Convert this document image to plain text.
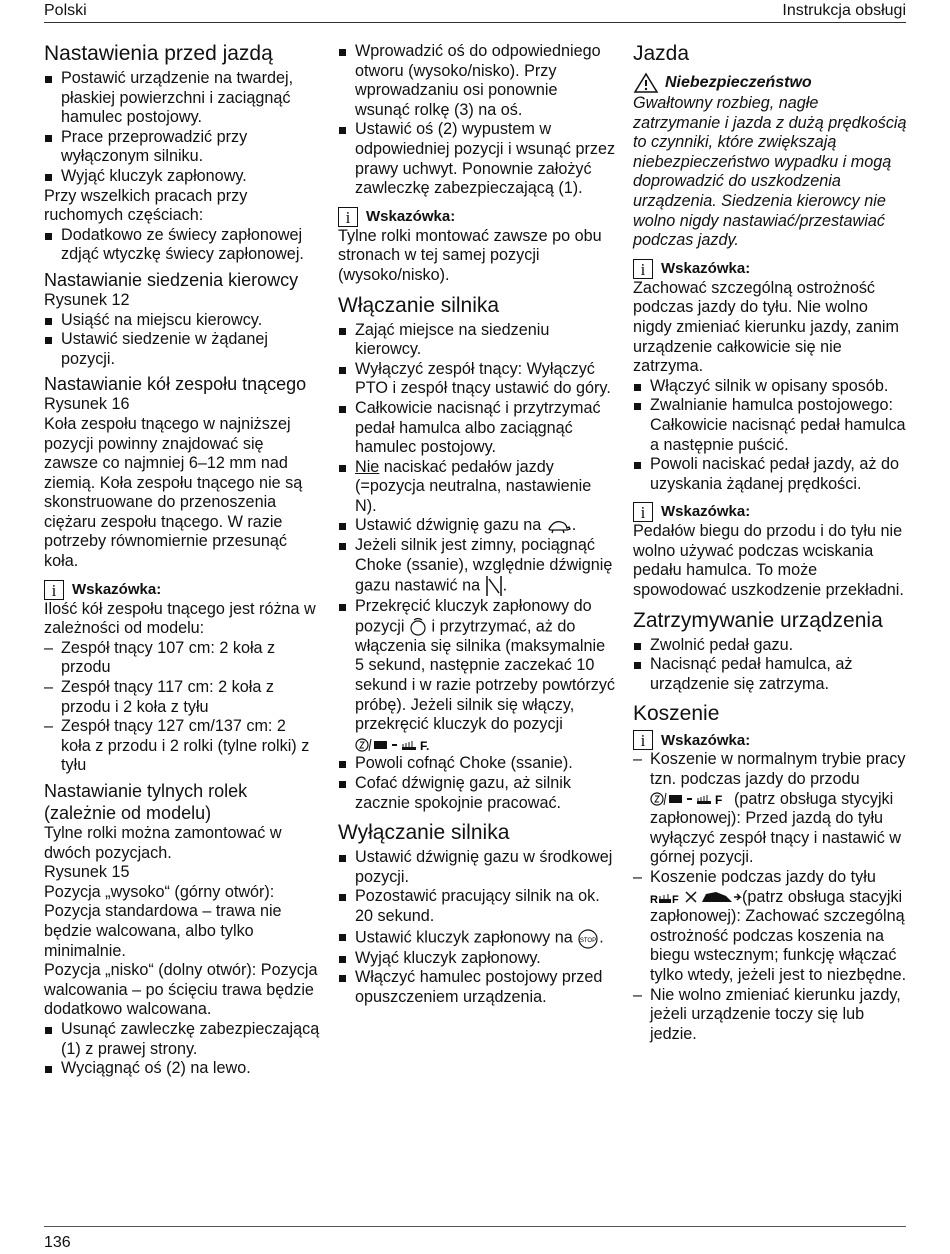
Polski	Instrukcja obsługi
Nastawienia przed jazdą

Postawić urządzenie na twardej, płaskiej powierzchni i zaciągnąć hamulec postojowy.

Prace przeprowadzić przy wyłączonym silniku.

Wyjąć kluczyk zapłonowy.

Przy wszelkich pracach przy ruchomych częściach:

Dodatkowo ze świecy zapłonowej zdjąć wtyczkę świecy zapłonowej.

Nastawianie siedzenia kierowcy

Rysunek 12

Usiąść na miejscu kierowcy.

Ustawić siedzenie w żądanej pozycji.

Nastawianie kół zespołu tnącego

Rysunek 16

Koła zespołu tnącego w najniższej pozycji powinny znajdować się zawsze co najmniej 6–12 mm nad ziemią. Koła zespołu tnącego nie są skonstruowane do przenoszenia ciężaru zespołu tnącego. W razie potrzeby równomiernie przesunąć koła.

i	Wskazówka:

Ilość kół zespołu tnącego jest różna w zależności od modelu:

– Zespół tnący 107 cm: 2 koła z przodu

– Zespół tnący 117 cm: 2 koła z przodu i 2 koła z tyłu

– Zespół tnący 127 cm/137 cm: 2 koła z przodu i 2 rolki (tylne rolki) z tyłu

Nastawianie tylnych rolek (zależnie od modelu)

Tylne rolki można zamontować w dwóch pozycjach.

Rysunek 15

Pozycja „wysoko“ (górny otwór): Pozycja standardowa – trawa nie będzie walcowana, albo tylko minimalnie.

Pozycja „nisko“ (dolny otwór): Pozycja walcowania – po ścięciu trawa będzie dodatkowo walcowana.

Usunąć zawleczkę zabezpieczającą (1) z prawej strony.

Wyciągnąć oś (2) na lewo.

Wprowadzić oś do odpowiedniego otworu (wysoko/nisko). Przy wprowadzaniu osi ponownie wsunąć rolkę (3) na oś.

Ustawić oś (2) wypustem w odpowiedniej pozycji i wsunąć przez prawy uchwyt. Ponownie założyć zawleczkę zabezpieczającą (1).

i	Wskazówka:

Tylne rolki montować zawsze po obu stronach w tej samej pozycji (wysoko/nisko).

Włączanie silnika

Zająć miejsce na siedzeniu kierowcy.

Wyłączyć zespół tnący: Wyłączyć PTO i zespół tnący ustawić do góry.

Całkowicie nacisnąć i przytrzymać pedał hamulca albo zaciągnąć hamulec postojowy.

Nie naciskać pedałów jazdy (=pozycja neutralna, nastawienie N).

Ustawić dźwignię gazu na .

Jeżeli silnik jest zimny, pociągnąć Choke (ssanie), względnie dźwignię gazu nastawić na .

Przekręcić kluczyk zapłonowy do pozycji  i przytrzymać, aż do włączenia się silnika (maksymalnie 5 sekund, następnie zaczekać 10 sekund i w razie potrzeby powtórzyć próbę). Jeżeli silnik się włączy, przekręcić kluczyk do pozycji
F.

Powoli cofnąć Choke (ssanie).

Cofać dźwignię gazu, aż silnik zacznie spokojnie pracować.

Wyłączanie silnika

Ustawić dźwignię gazu w środkowej pozycji.

Pozostawić pracujący silnik na ok. 20 sekund.

Ustawić kluczyk zapłonowy na STOP .

Wyjąć kluczyk zapłonowy.

Włączyć hamulec postojowy przed opuszczeniem urządzenia.

Jazda
Niebezpieczeństwo

Gwałtowny rozbieg, nagłe zatrzymanie i jazda z dużą prędkością to czynniki, które zwiększają niebezpieczeństwo wypadku i mogą doprowadzić do uszkodzenia urządzenia. Siedzenia kierowcy nie wolno nigdy nastawiać/przestawiać podczas jazdy.

i	Wskazówka:

Zachować szczególną ostrożność podczas jazdy do tyłu. Nie wolno nigdy zmieniać kierunku jazdy, zanim urządzenie całkowicie się nie zatrzyma.

Włączyć silnik w opisany sposób.

Zwalnianie hamulca postojowego: Całkowicie nacisnąć pedał hamulca a następnie puścić.

Powoli naciskać pedał jazdy, aż do uzyskania żądanej prędkości.

i	Wskazówka:

Pedałów biegu do przodu i do tyłu nie wolno używać podczas wciskania pedału hamulca. To może spowodować uszkodzenie przekładni.

Zatrzymywanie urządzenia

Zwolnić pedał gazu.

Nacisnąć pedał hamulca, aż urządzenie się zatrzyma.

Koszenie
i	Wskazówka:

– Koszenie w normalnym trybie pracy tzn. podczas jazdy do przodu
F (patrz obsługa stycyjki zapłonowej): Przed jazdą do tyłu wyłączyć zespół tnący i nastawić w górnej pozycji.

– Koszenie podczas jazdy do tyłu
R F	(patrz obsługa stacyjki zapłonowej): Zachować szczególną ostrożność podczas koszenia na biegu wstecznym; funkcję włączać tylko wtedy, jeżeli jest to niezbędne.

– Nie wolno zmieniać kierunku jazdy, jeżeli urządzenie toczy się lub jedzie.

136
